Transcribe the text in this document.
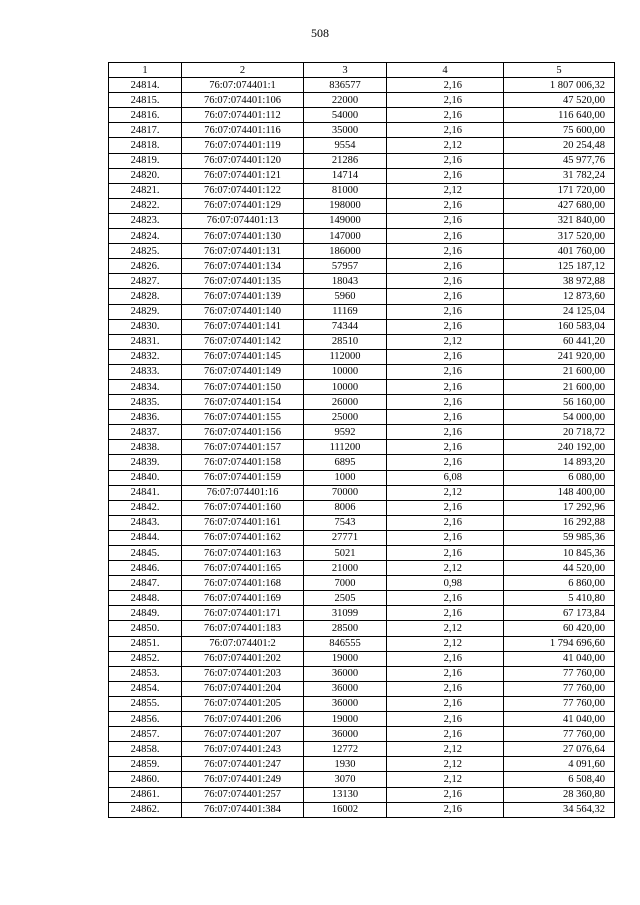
508
1	2	3	4	5
24814.	76:07:074401:1	836577	2,16	1 807 006,32
24815.	76:07:074401:106	22000	2,16	47 520,00
24816.	76:07:074401:112	54000	2,16	116 640,00
24817.	76:07:074401:116	35000	2,16	75 600,00
24818.	76:07:074401:119	9554	2,12	20 254,48
24819.	76:07:074401:120	21286	2,16	45 977,76
24820.	76:07:074401:121	14714	2,16	31 782,24
24821.	76:07:074401:122	81000	2,12	171 720,00
24822.	76:07:074401:129	198000	2,16	427 680,00
24823.	76:07:074401:13	149000	2,16	321 840,00
24824.	76:07:074401:130	147000	2,16	317 520,00
24825.	76:07:074401:131	186000	2,16	401 760,00
24826.	76:07:074401:134	57957	2,16	125 187,12
24827.	76:07:074401:135	18043	2,16	38 972,88
24828.	76:07:074401:139	5960	2,16	12 873,60
24829.	76:07:074401:140	11169	2,16	24 125,04
24830.	76:07:074401:141	74344	2,16	160 583,04
24831.	76:07:074401:142	28510	2,12	60 441,20
24832.	76:07:074401:145	112000	2,16	241 920,00
24833.	76:07:074401:149	10000	2,16	21 600,00
24834.	76:07:074401:150	10000	2,16	21 600,00
24835.	76:07:074401:154	26000	2,16	56 160,00
24836.	76:07:074401:155	25000	2,16	54 000,00
24837.	76:07:074401:156	9592	2,16	20 718,72
24838.	76:07:074401:157	111200	2,16	240 192,00
24839.	76:07:074401:158	6895	2,16	14 893,20
24840.	76:07:074401:159	1000	6,08	6 080,00
24841.	76:07:074401:16	70000	2,12	148 400,00
24842.	76:07:074401:160	8006	2,16	17 292,96
24843.	76:07:074401:161	7543	2,16	16 292,88
24844.	76:07:074401:162	27771	2,16	59 985,36
24845.	76:07:074401:163	5021	2,16	10 845,36
24846.	76:07:074401:165	21000	2,12	44 520,00
24847.	76:07:074401:168	7000	0,98	6 860,00
24848.	76:07:074401:169	2505	2,16	5 410,80
24849.	76:07:074401:171	31099	2,16	67 173,84
24850.	76:07:074401:183	28500	2,12	60 420,00
24851.	76:07:074401:2	846555	2,12	1 794 696,60
24852.	76:07:074401:202	19000	2,16	41 040,00
24853.	76:07:074401:203	36000	2,16	77 760,00
24854.	76:07:074401:204	36000	2,16	77 760,00
24855.	76:07:074401:205	36000	2,16	77 760,00
24856.	76:07:074401:206	19000	2,16	41 040,00
24857.	76:07:074401:207	36000	2,16	77 760,00
24858.	76:07:074401:243	12772	2,12	27 076,64
24859.	76:07:074401:247	1930	2,12	4 091,60
24860.	76:07:074401:249	3070	2,12	6 508,40
24861.	76:07:074401:257	13130	2,16	28 360,80
24862.	76:07:074401:384	16002	2,16	34 564,32
